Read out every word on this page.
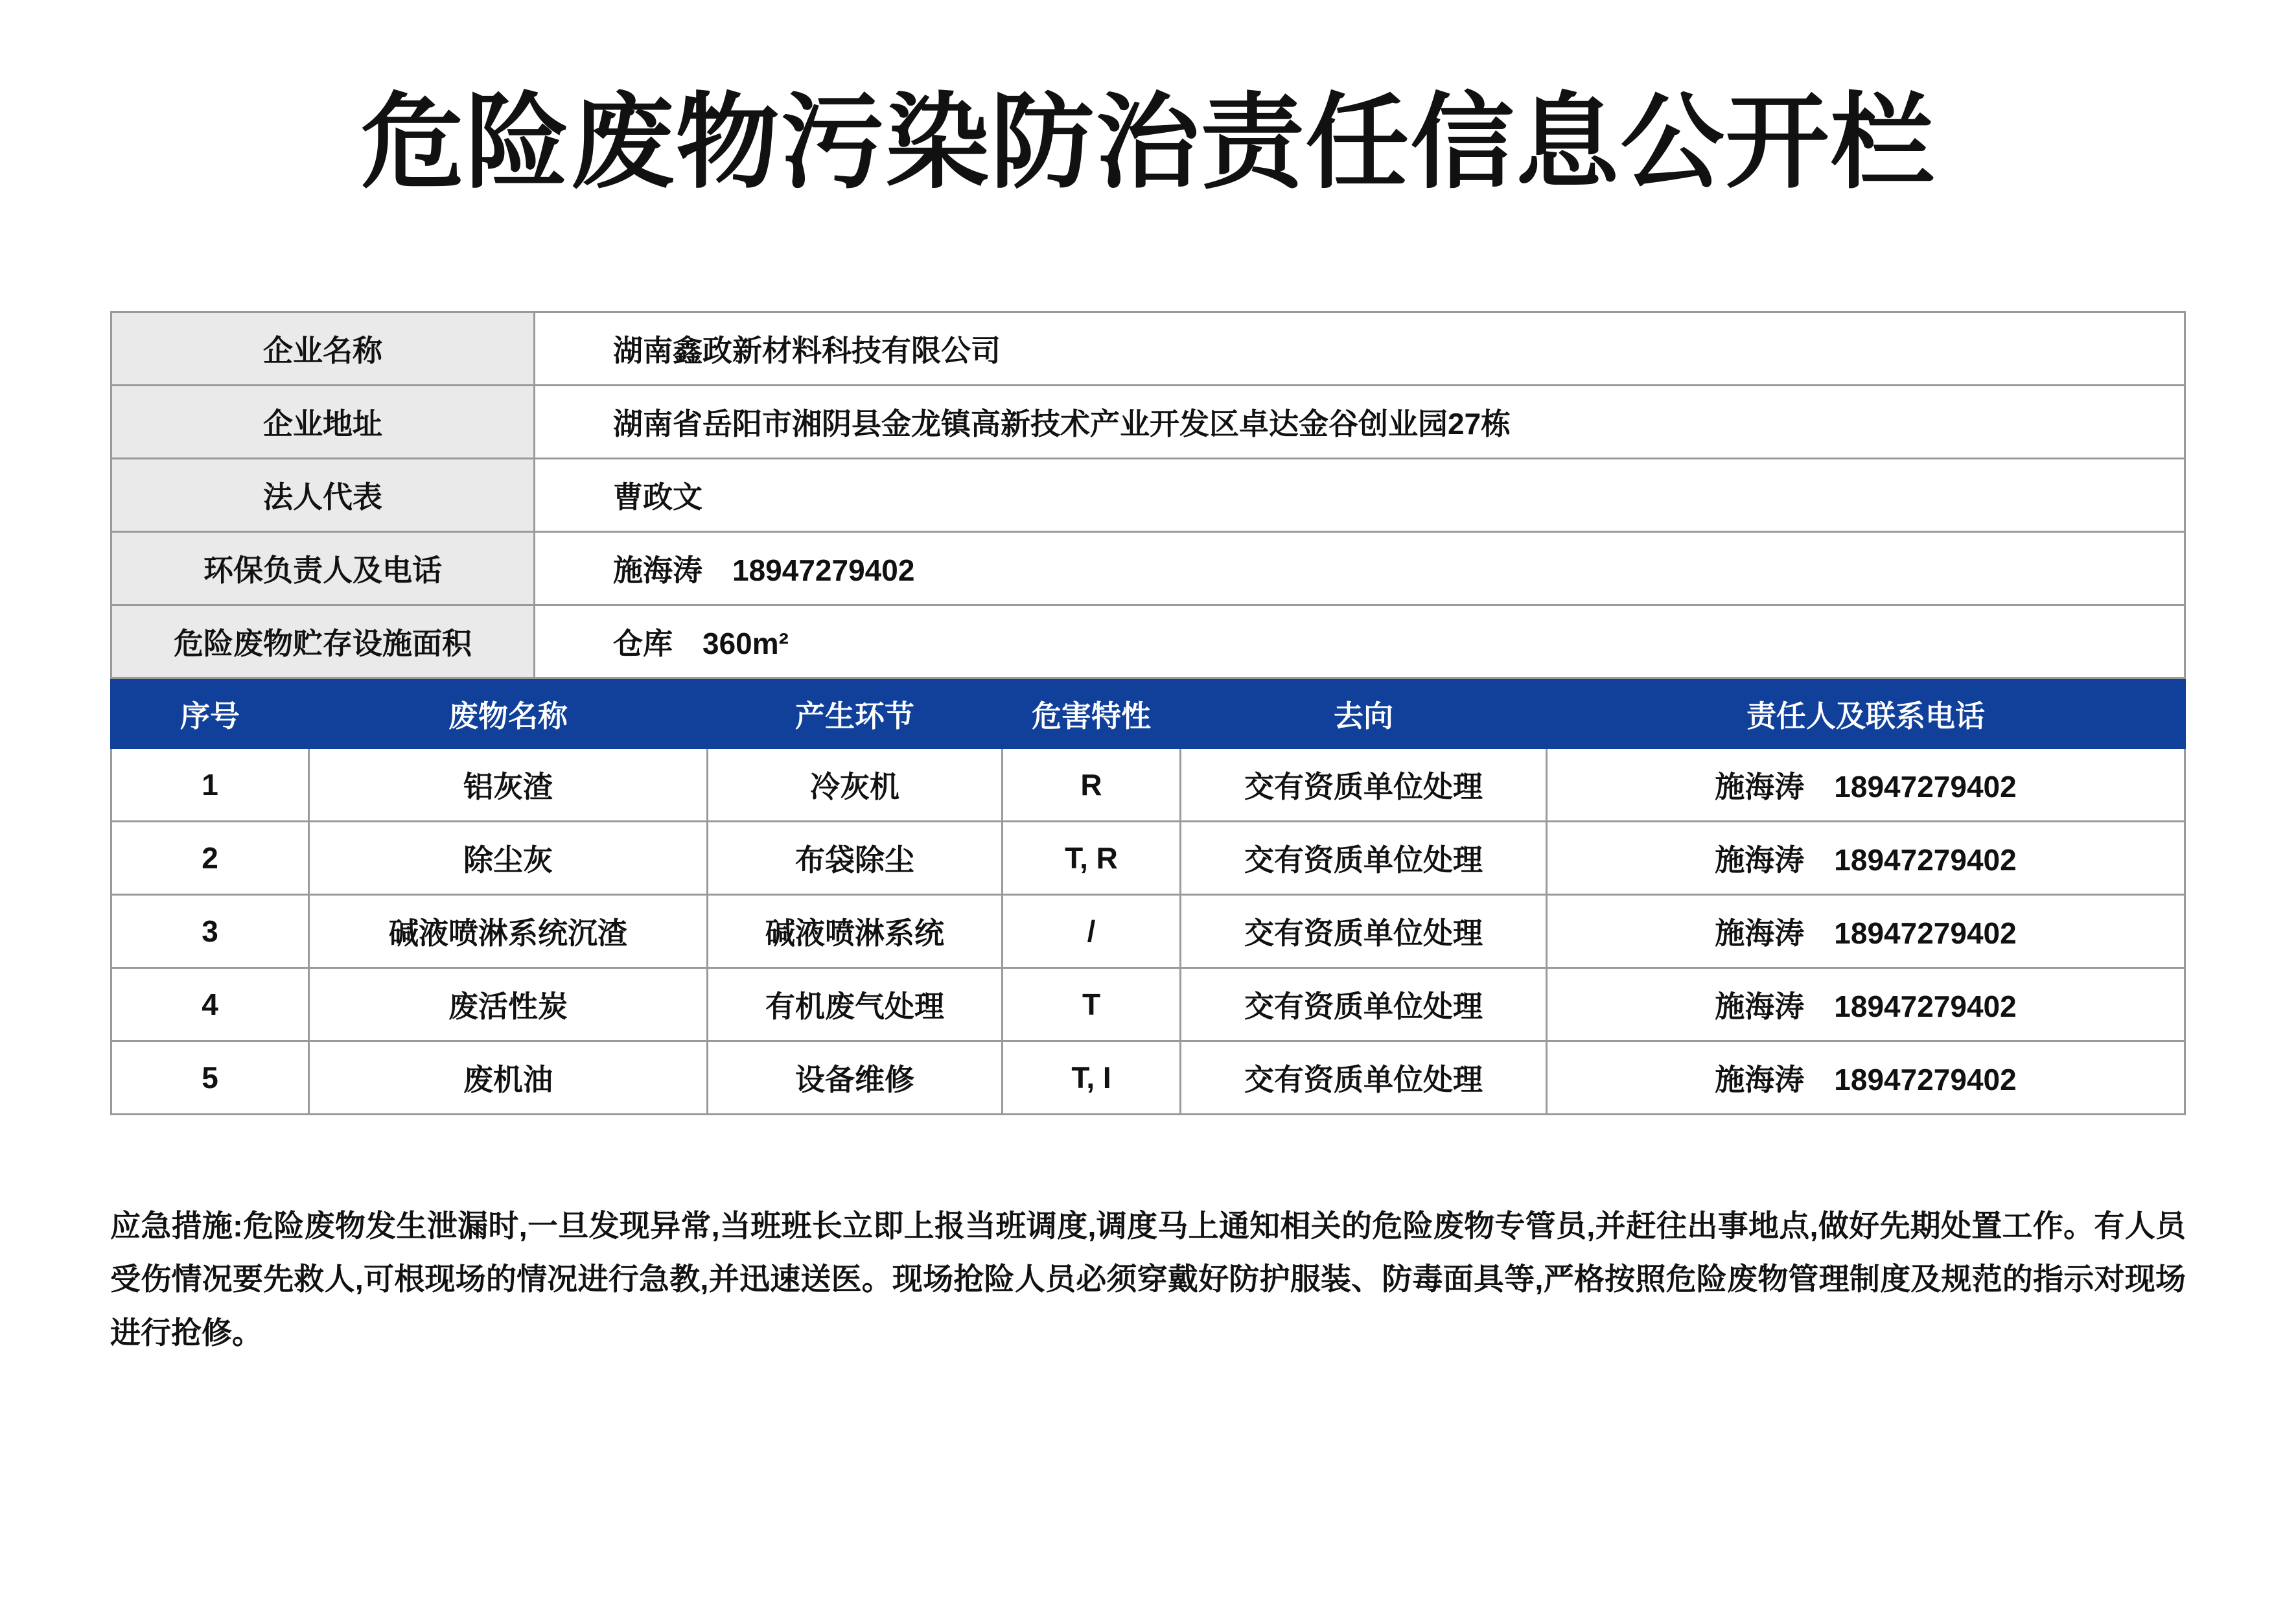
危险废物污染防治责任信息公开栏
企业名称	湖南鑫政新材料科技有限公司
企业地址	湖南省岳阳市湘阴县金龙镇高新技术产业开发区卓达金谷创业园27栋
法人代表	曹政文
环保负责人及电话	施海涛　18947279402
危险废物贮存设施面积	仓库　360m²
序号	废物名称	产生环节	危害特性	去向	责任人及联系电话
1	铝灰渣	冷灰机	R	交有资质单位处理	施海涛　18947279402
2	除尘灰	布袋除尘	T, R	交有资质单位处理	施海涛　18947279402
3	碱液喷淋系统沉渣	碱液喷淋系统	/	交有资质单位处理	施海涛　18947279402
4	废活性炭	有机废气处理	T	交有资质单位处理	施海涛　18947279402
5	废机油	设备维修	T, I	交有资质单位处理	施海涛　18947279402

应急措施:危险废物发生泄漏时,一旦发现异常,当班班长立即上报当班调度,调度马上通知相关的危险废物专管员,并赶往出事地点,做好先期处置工作。有人员受伤情况要先救人,可根现场的情况进行急教,并迅速送医。现场抢险人员必须穿戴好防护服装、防毒面具等,严格按照危险废物管理制度及规范的指示对现场进行抢修。
